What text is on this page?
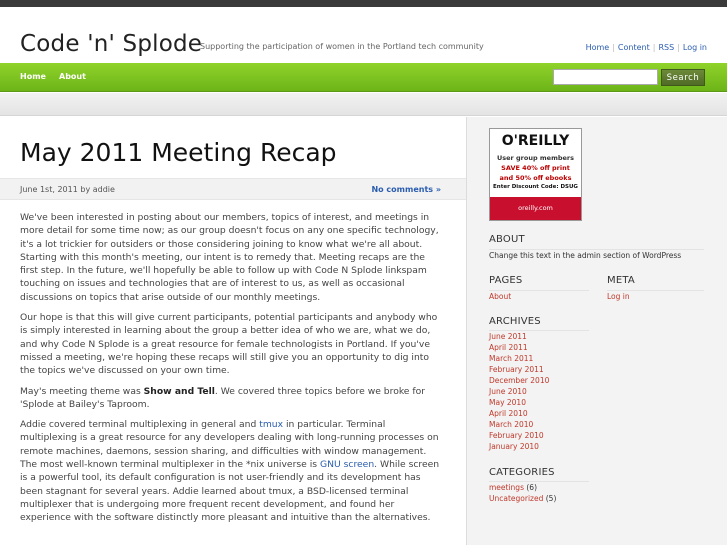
Code 'n' Splode
Supporting the participation of women in the Portland tech community	Home | Content | RSS | Log in
Home About	Search
May 2011 Meeting Recap
June 1st, 2011 by addie	No comments »

We've been interested in posting about our members, topics of interest, and meetings in more detail for some time now; as our group doesn't focus on any one specific technology, it's a lot trickier for outsiders or those considering joining to know what we're all about. Starting with this month's meeting, our intent is to remedy that. Meeting recaps are the first step. In the future, we'll hopefully be able to follow up with Code N Splode linkspam touching on issues and technologies that are of interest to us, as well as occasional discussions on topics that arise outside of our monthly meetings.

Our hope is that this will give current participants, potential participants and anybody who is simply interested in learning about the group a better idea of who we are, what we do, and why Code N Splode is a great resource for female technologists in Portland. If you've missed a meeting, we're hoping these recaps will still give you an opportunity to dig into the topics we've discussed on your own time.

May's meeting theme was Show and Tell. We covered three topics before we broke for 'Splode at Bailey's Taproom.

Addie covered terminal multiplexing in general and tmux in particular. Terminal multiplexing is a great resource for any developers dealing with long-running processes on remote machines, daemons, session sharing, and difficulties with window management. The most well-known terminal multiplexer in the *nix universe is GNU screen. While screen is a powerful tool, its default configuration is not user-friendly and its development has been stagnant for several years. Addie learned about tmux, a BSD-licensed terminal multiplexer that is undergoing more frequent recent development, and found her experience with the software distinctly more pleasant and intuitive than the alternatives.

O'REILLY
User group members
SAVE 40% off print
and 50% off ebooks
Enter Discount Code: DSUG
oreilly.com
ABOUT
Change this text in the admin section of WordPress
PAGES
About
META
Log in
ARCHIVES
June 2011
April 2011
March 2011
February 2011
December 2010
June 2010
May 2010
April 2010
March 2010
February 2010
January 2010
CATEGORIES
meetings (6)
Uncategorized (5)
